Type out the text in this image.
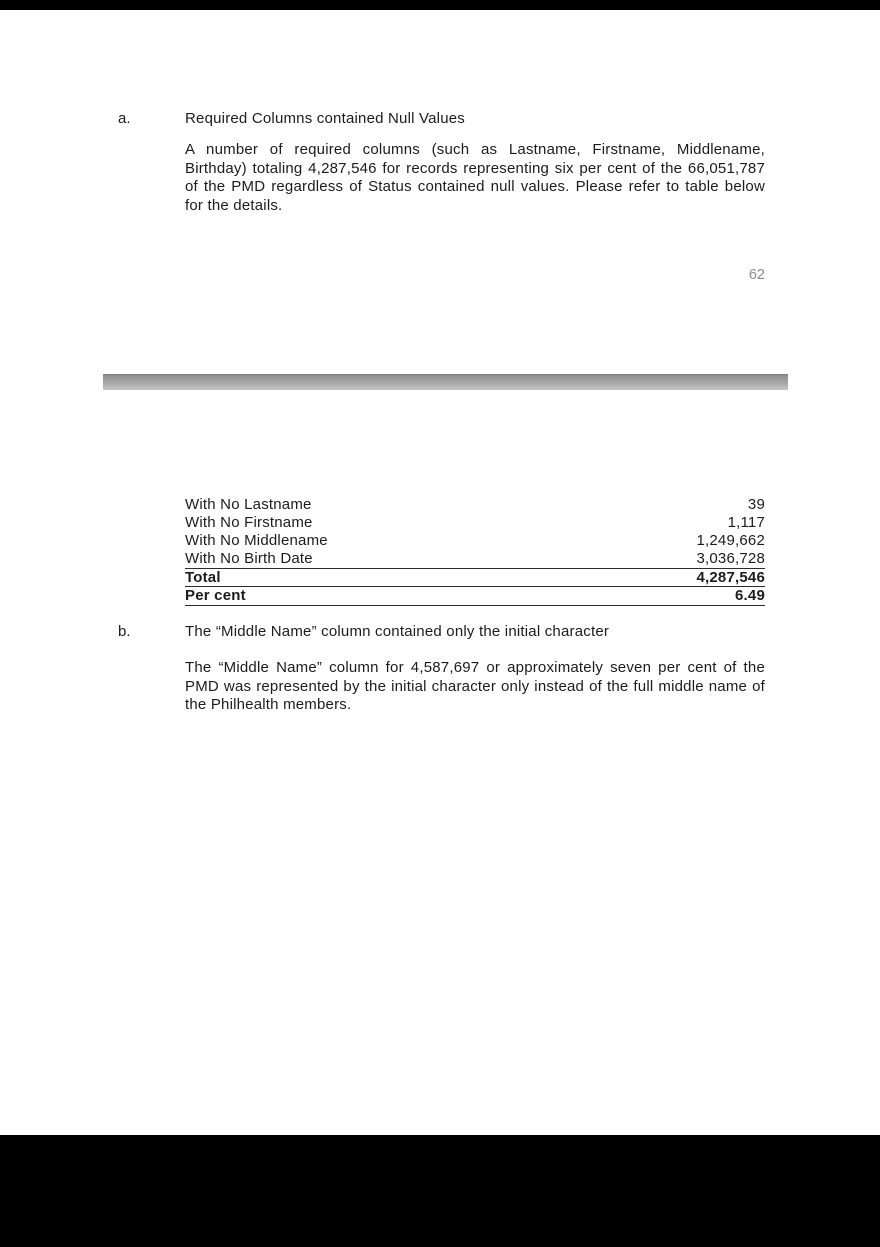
a.	Required Columns contained Null Values
A number of required columns (such as Lastname, Firstname, Middlename, Birthday) totaling 4,287,546 for records representing six per cent of the 66,051,787 of the PMD regardless of Status contained null values. Please refer to table below for the details.
62
With No Lastname	39
With No Firstname	1,117
With No Middlename	1,249,662
With No Birth Date	3,036,728
Total	4,287,546
Per cent	6.49
b.	The “Middle Name” column contained only the initial character
The “Middle Name” column for 4,587,697 or approximately seven per cent of the PMD was represented by the initial character only instead of the full middle name of the Philhealth members.
